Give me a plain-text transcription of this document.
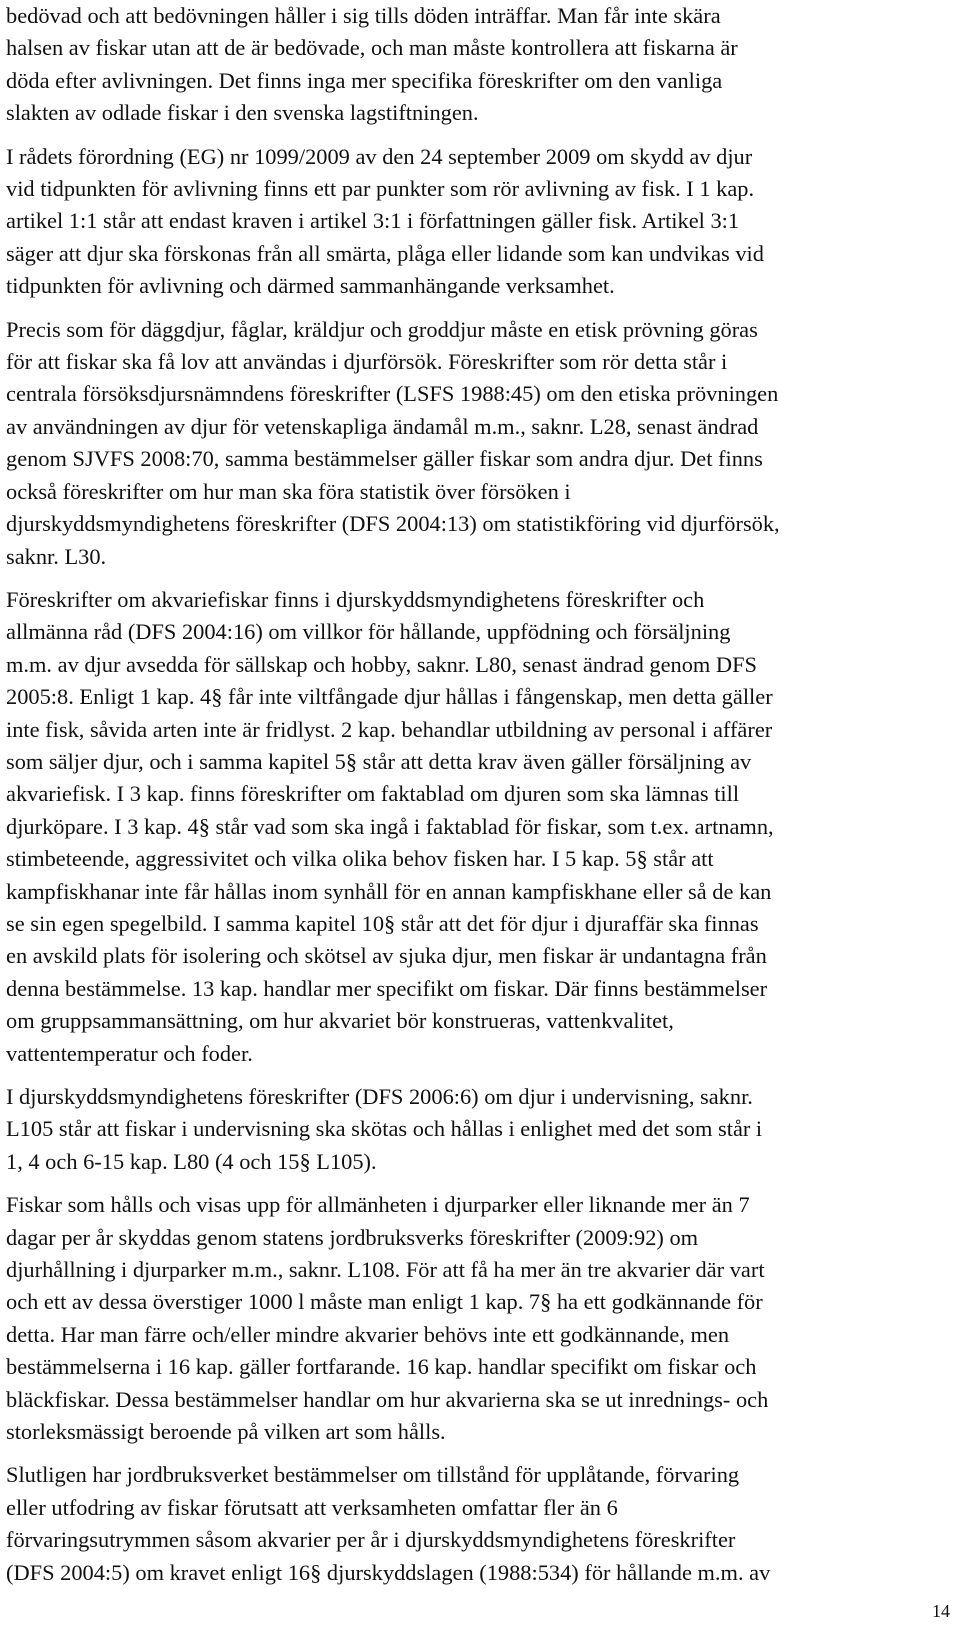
bedövad och att bedövningen håller i sig tills döden inträffar. Man får inte skära
halsen av fiskar utan att de är bedövade, och man måste kontrollera att fiskarna är
döda efter avlivningen. Det finns inga mer specifika föreskrifter om den vanliga
slakten av odlade fiskar i den svenska lagstiftningen.

I rådets förordning (EG) nr 1099/2009 av den 24 september 2009 om skydd av djur
vid tidpunkten för avlivning finns ett par punkter som rör avlivning av fisk. I 1 kap.
artikel 1:1 står att endast kraven i artikel 3:1 i författningen gäller fisk. Artikel 3:1
säger att djur ska förskonas från all smärta, plåga eller lidande som kan undvikas vid
tidpunkten för avlivning och därmed sammanhängande verksamhet.

Precis som för däggdjur, fåglar, kräldjur och groddjur måste en etisk prövning göras
för att fiskar ska få lov att användas i djurförsök. Föreskrifter som rör detta står i
centrala försöksdjursnämndens föreskrifter (LSFS 1988:45) om den etiska prövningen
av användningen av djur för vetenskapliga ändamål m.m., saknr. L28, senast ändrad
genom SJVFS 2008:70, samma bestämmelser gäller fiskar som andra djur. Det finns
också föreskrifter om hur man ska föra statistik över försöken i
djurskyddsmyndighetens föreskrifter (DFS 2004:13) om statistikföring vid djurförsök,
saknr. L30.

Föreskrifter om akvariefiskar finns i djurskyddsmyndighetens föreskrifter och
allmänna råd (DFS 2004:16) om villkor för hållande, uppfödning och försäljning
m.m. av djur avsedda för sällskap och hobby, saknr. L80, senast ändrad genom DFS
2005:8. Enligt 1 kap. 4§ får inte viltfångade djur hållas i fångenskap, men detta gäller
inte fisk, såvida arten inte är fridlyst. 2 kap. behandlar utbildning av personal i affärer
som säljer djur, och i samma kapitel 5§ står att detta krav även gäller försäljning av
akvariefisk. I 3 kap. finns föreskrifter om faktablad om djuren som ska lämnas till
djurköpare. I 3 kap. 4§ står vad som ska ingå i faktablad för fiskar, som t.ex. artnamn,
stimbeteende, aggressivitet och vilka olika behov fisken har. I 5 kap. 5§ står att
kampfiskhanar inte får hållas inom synhåll för en annan kampfiskhane eller så de kan
se sin egen spegelbild. I samma kapitel 10§ står att det för djur i djuraffär ska finnas
en avskild plats för isolering och skötsel av sjuka djur, men fiskar är undantagna från
denna bestämmelse. 13 kap. handlar mer specifikt om fiskar. Där finns bestämmelser
om gruppsammansättning, om hur akvariet bör konstrueras, vattenkvalitet,
vattentemperatur och foder.

I djurskyddsmyndighetens föreskrifter (DFS 2006:6) om djur i undervisning, saknr.
L105 står att fiskar i undervisning ska skötas och hållas i enlighet med det som står i
1, 4 och 6-15 kap. L80 (4 och 15§ L105).

Fiskar som hålls och visas upp för allmänheten i djurparker eller liknande mer än 7
dagar per år skyddas genom statens jordbruksverks föreskrifter (2009:92) om
djurhållning i djurparker m.m., saknr. L108. För att få ha mer än tre akvarier där vart
och ett av dessa överstiger 1000 l måste man enligt 1 kap. 7§ ha ett godkännande för
detta. Har man färre och/eller mindre akvarier behövs inte ett godkännande, men
bestämmelserna i 16 kap. gäller fortfarande. 16 kap. handlar specifikt om fiskar och
bläckfiskar. Dessa bestämmelser handlar om hur akvarierna ska se ut inrednings- och
storleksmässigt beroende på vilken art som hålls.

Slutligen har jordbruksverket bestämmelser om tillstånd för upplåtande, förvaring
eller utfodring av fiskar förutsatt att verksamheten omfattar fler än 6
förvaringsutrymmen såsom akvarier per år i djurskyddsmyndighetens föreskrifter
(DFS 2004:5) om kravet enligt 16§ djurskyddslagen (1988:534) för hållande m.m. av

14
